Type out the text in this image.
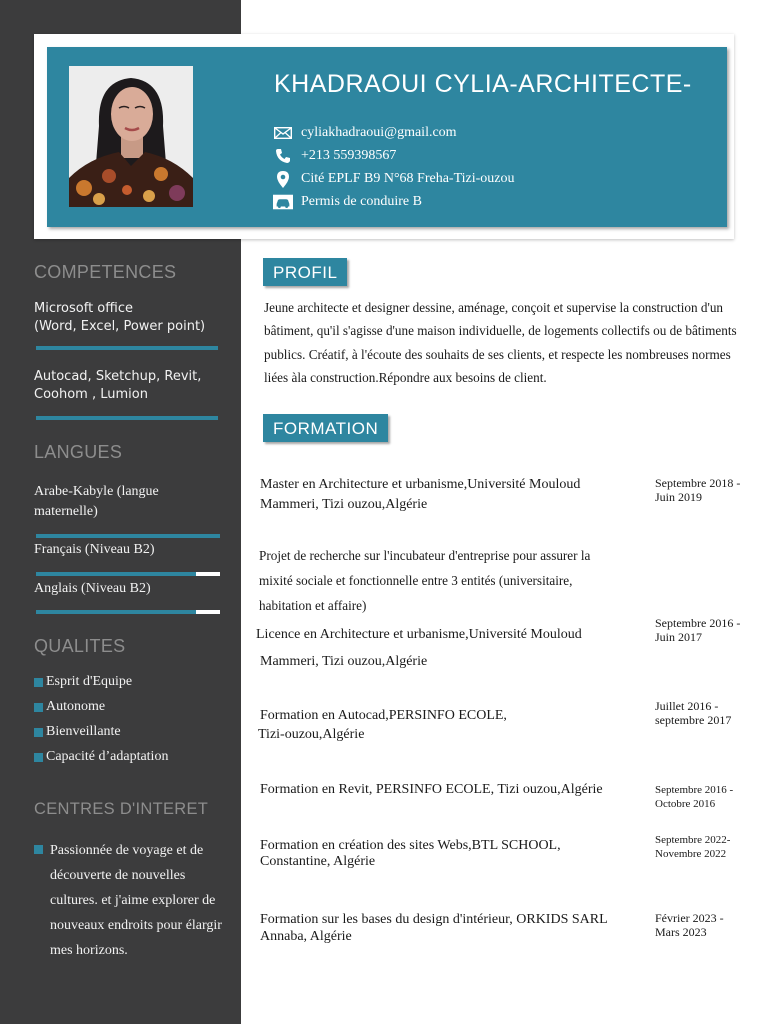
KHADRAOUI CYLIA-ARCHITECTE-
cyliakhadraoui@gmail.com
+213 559398567
Cité EPLF B9 N°68 Freha-Tizi-ouzou
Permis de conduire B
COMPETENCES
Microsoft office
(Word, Excel, Power point)
Autocad, Sketchup, Revit,
Coohom , Lumion
LANGUES
Arabe-Kabyle (langue maternelle)
Français (Niveau B2)
Anglais (Niveau B2)
QUALITES
Esprit d'Equipe
Autonome
Bienveillante
Capacité d’adaptation
CENTRES D'INTERET
Passionnée de voyage et de découverte de nouvelles cultures. et j'aime explorer de nouveaux endroits pour élargir mes horizons.
PROFIL
Jeune architecte et designer dessine, aménage, conçoit et supervise la construction d'un bâtiment, qu'il s'agisse d'une maison individuelle, de logements collectifs ou de bâtiments publics. Créatif, à l'écoute des souhaits de ses clients, et respecte les nombreuses normes liées àla construction.Répondre aux besoins de client.
FORMATION
Master en Architecture et urbanisme,Université Mouloud
Mammeri, Tizi ouzou,Algérie
Septembre 2018 -
Juin 2019
Projet de recherche sur l'incubateur d'entreprise pour assurer la mixité sociale et fonctionnelle entre 3 entités (universitaire, habitation et affaire)
Licence en Architecture et urbanisme,Université Mouloud
Mammeri, Tizi ouzou,Algérie
Septembre 2016 -
Juin 2017
Formation en Autocad,PERSINFO ECOLE,
Tizi-ouzou,Algérie
Juillet 2016 -
septembre 2017
Formation en Revit, PERSINFO ECOLE, Tizi ouzou,Algérie	Septembre 2016 -
Octobre 2016
Formation en création des sites Webs,BTL SCHOOL,
Constantine, Algérie
Septembre 2022-
Novembre 2022
Formation sur les bases du design d'intérieur, ORKIDS SARL
Annaba, Algérie
Février 2023 -
Mars 2023
